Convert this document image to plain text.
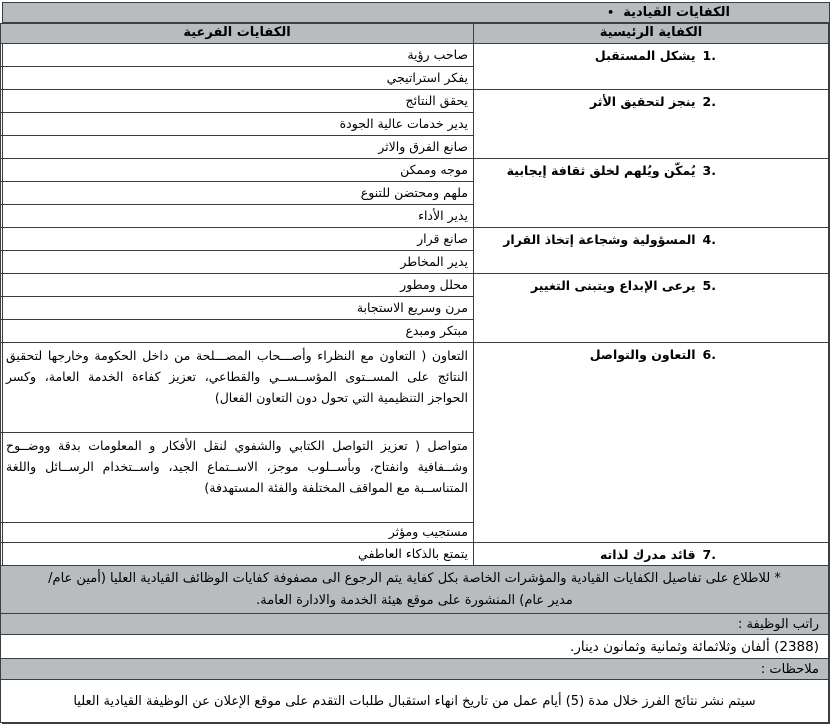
الكفايات القيادية
•
الكفاية الرئيسية	الكفايات الفرعية

1.
يشكل المستقبل	صاحب رؤية
	يفكر استراتيجي

2.
ينجز لتحقيق الأثر	يحقق النتائج
	يدير خدمات عالية الجودة
	صانع الفرق والاثر

3.
يُمكّن ويُلهم لخلق ثقافة إيجابية	موجه وممكن
	ملهم ومحتضن للتنوع
	يدير الأداء

4.
المسؤولية وشجاعة إتخاذ القرار	صانع قرار
	يدير المخاطر

5.
يرعى الإبداع ويتبنى التغيير	محلل ومطور
	مرن وسريع الاستجابة
	مبتكر ومبدع

6.
التعاون والتواصل	التعاون ( التعاون مع النظراء وأصـــحاب المصـــلحة من داخل الحكومة وخارجها لتحقيق النتائج على المســتوى المؤســســي والقطاعي، تعزيز كفاءة الخدمة العامة، وكسر الحواجز التنظيمية التي تحول دون التعاون الفعال)
	متواصل ( تعزيز التواصل الكتابي والشفوي لنقل الأفكار و المعلومات بدقة ووضــوح وشــفافية وانفتاح، وبأســلوب موجز، الاســتماع الجيد، واســتخدام الرســائل واللغة المتناســبة مع المواقف المختلفة والفئة المستهدفة)
	مستجيب ومؤثر

7.
قائد مدرك لذاته	يتمتع بالذكاء العاطفي
* للاطلاع على تفاصيل الكفايات القيادية والمؤشرات الخاصة بكل كفاية يتم الرجوع الى مصفوفة كفايات الوظائف القيادية العليا (أمين عام/ مدير عام) المنشورة على موقع هيئة الخدمة والادارة العامة.	
راتب الوظيفة :	
(2388) ألفان وثلاثمائة وثمانية وثمانون دينار.	
ملاحظات :	
سيتم نشر نتائج الفرز خلال مدة (5) أيام عمل من تاريخ انهاء استقبال طلبات التقدم على موقع الإعلان عن الوظيفة القيادية العليا	
